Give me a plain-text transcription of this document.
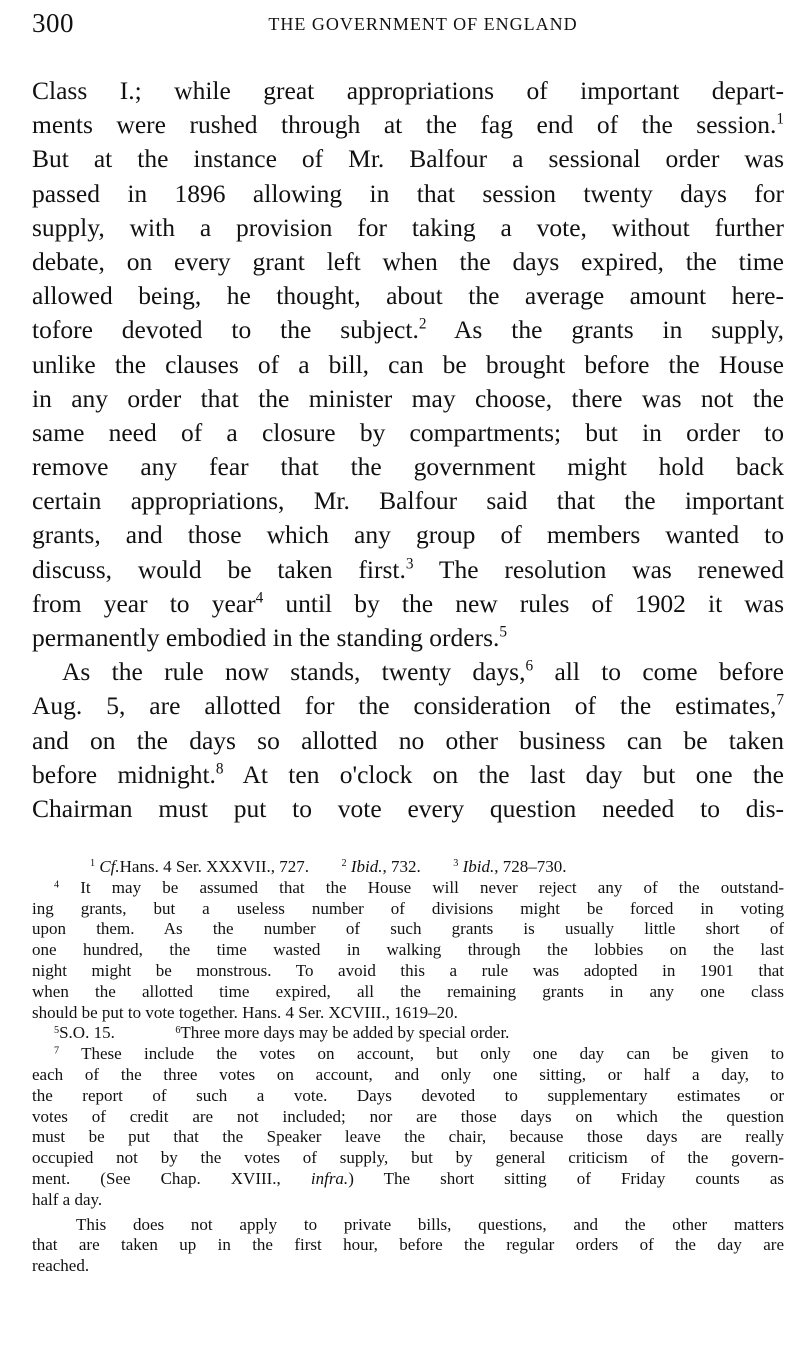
300	THE GOVERNMENT OF ENGLAND
Class I.; while great appropriations of important depart-
ments were rushed through at the fag end of the session.$^1$
But at the instance of Mr. Balfour a sessional order was
passed in 1896 allowing in that session twenty days for
supply, with a provision for taking a vote, without further
debate, on every grant left when the days expired, the time
allowed being, he thought, about the average amount here-
tofore devoted to the subject.$^2$ As the grants in supply,
unlike the clauses of a bill, can be brought before the House
in any order that the minister may choose, there was not the
same need of a closure by compartments; but in order to
remove any fear that the government might hold back
certain appropriations, Mr. Balfour said that the important
grants, and those which any group of members wanted to
discuss, would be taken first.$^3$ The resolution was renewed
from year to year$^4$ until by the new rules of 1902 it was
permanently embodied in the standing orders.$^5$
As the rule now stands, twenty days,$^6$ all to come before
Aug. 5, are allotted for the consideration of the estimates,$^7$
and on the days so allotted no other business can be taken
before midnight.$^8$ At ten o'clock on the last day but one the
Chairman must put to vote every question needed to dis-
1 Cf.Hans. 4 Ser. XXXVII., 727.	2 Ibid., 732.	3 Ibid., 728–730.
$^4$ It may be assumed that the House will never reject any of the outstand-
ing grants, but a useless number of divisions might be forced in voting
upon them. As the number of such grants is usually little short of
one hundred, the time wasted in walking through the lobbies on the last
night might be monstrous. To avoid this a rule was adopted in 1901 that
when the allotted time expired, all the remaining grants in any one class
should be put to vote together. Hans. 4 Ser. XCVIII., 1619–20.
5S.O. 15.	6Three more days may be added by special order.
$^7$ These include the votes on account, but only one day can be given to
each of the three votes on account, and only one sitting, or half a day, to
the report of such a vote. Days devoted to supplementary estimates or
votes of credit are not included; nor are those days on which the question
must be put that the Speaker leave the chair, because those days are really
occupied not by the votes of supply, but by general criticism of the govern-
ment. (See Chap. XVIII., infra.) The short sitting of Friday counts as
half a day.
This does not apply to private bills, questions, and the other matters
that are taken up in the first hour, before the regular orders of the day are
reached.
